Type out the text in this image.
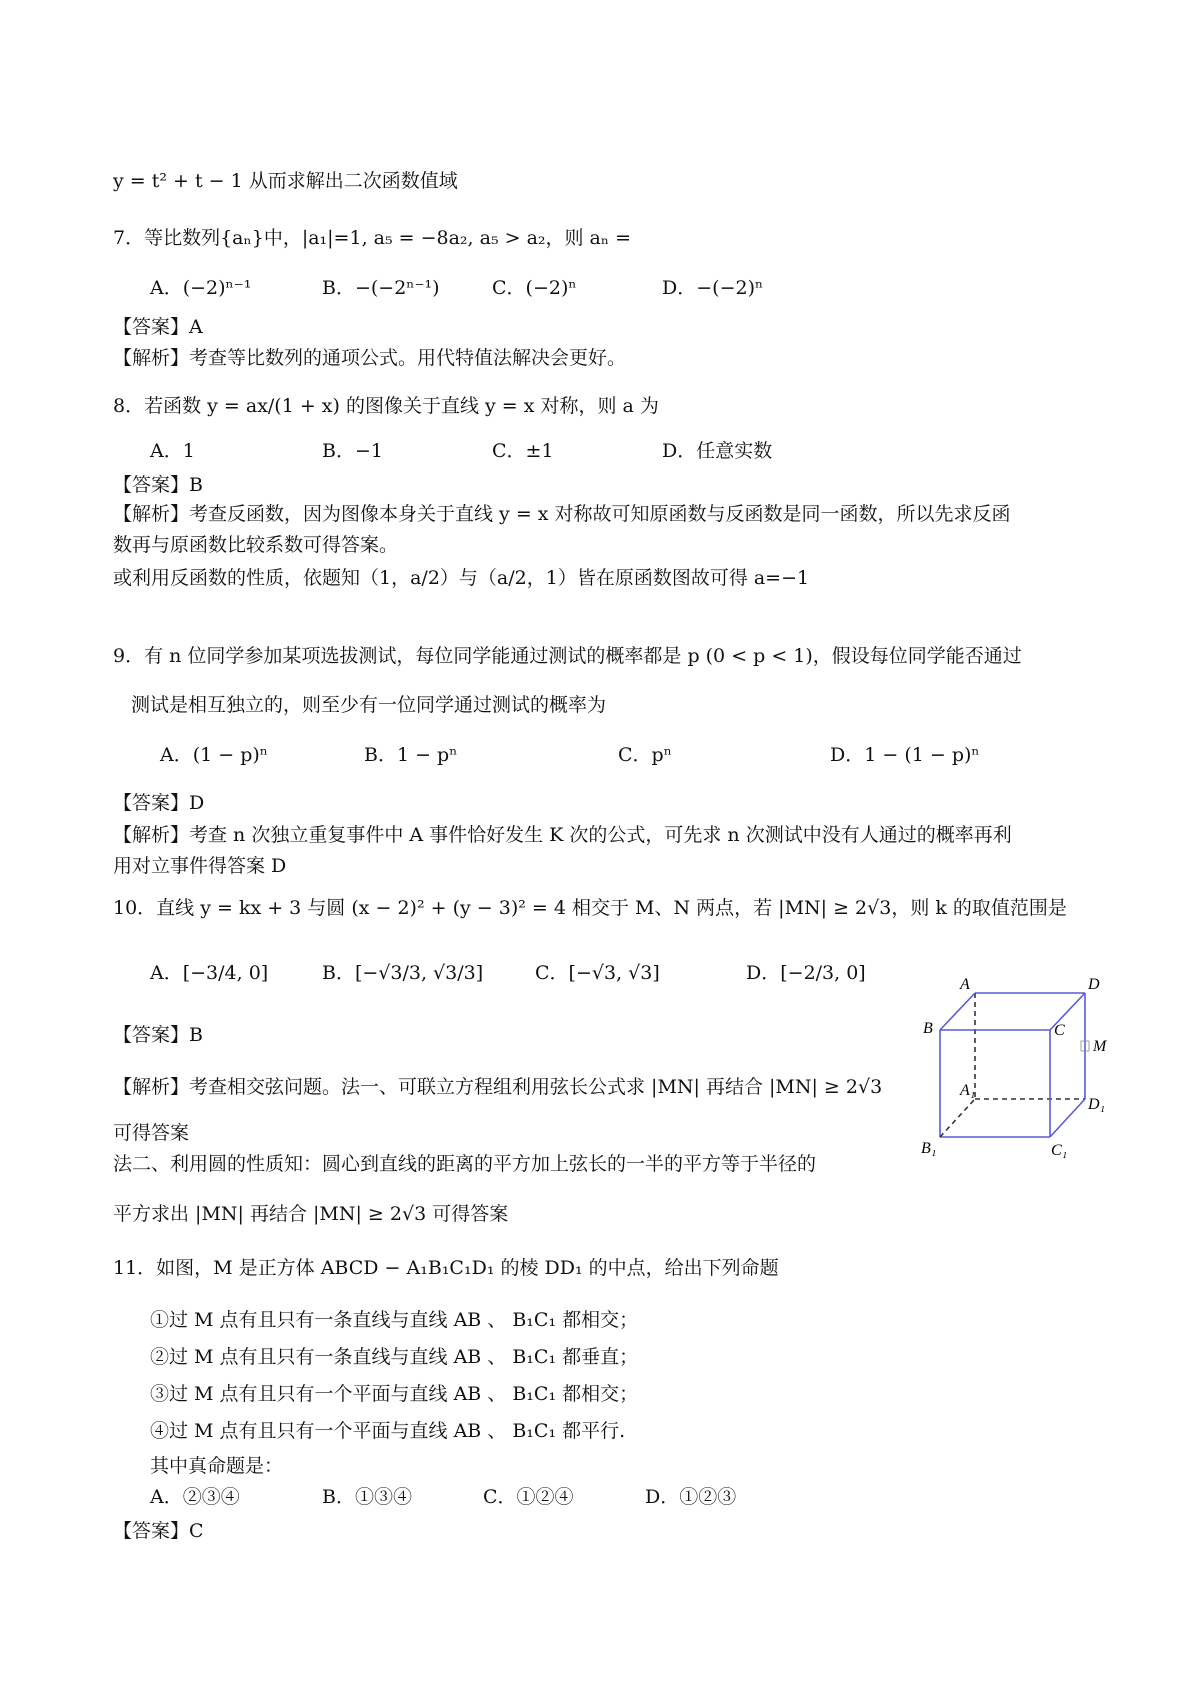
y = t² + t − 1 从而求解出二次函数值域
7．等比数列{aₙ}中，|a₁|=1, a₅ = −8a₂, a₅ > a₂，则 aₙ =
A．(−2)ⁿ⁻¹	B．−(−2ⁿ⁻¹)	C．(−2)ⁿ	D．−(−2)ⁿ
【答案】A
【解析】考查等比数列的通项公式。用代特值法解决会更好。
8．若函数 y = ax/(1 + x) 的图像关于直线 y = x 对称，则 a 为
A．1	B．−1	C．±1	D．任意实数
【答案】B
【解析】考查反函数，因为图像本身关于直线 y = x 对称故可知原函数与反函数是同一函数，所以先求反函
数再与原函数比较系数可得答案。
或利用反函数的性质，依题知（1，a/2）与（a/2，1）皆在原函数图故可得 a=−1
9．有 n 位同学参加某项选拔测试，每位同学能通过测试的概率都是 p (0 < p < 1)，假设每位同学能否通过
测试是相互独立的，则至少有一位同学通过测试的概率为
A．(1 − p)ⁿ	B．1 − pⁿ	C．pⁿ	D．1 − (1 − p)ⁿ
【答案】D
【解析】考查 n 次独立重复事件中 A 事件恰好发生 K 次的公式，可先求 n 次测试中没有人通过的概率再利
用对立事件得答案 D
10．直线 y = kx + 3 与圆 (x − 2)² + (y − 3)² = 4 相交于 M、N 两点，若 |MN| ≥ 2√3，则 k 的取值范围是
A．[−3/4, 0]	B．[−√3/3, √3/3]	C．[−√3, √3]	D．[−2/3, 0]
【答案】B
【解析】考查相交弦问题。法一、可联立方程组利用弦长公式求 |MN| 再结合 |MN| ≥ 2√3
可得答案
法二、利用圆的性质知：圆心到直线的距离的平方加上弦长的一半的平方等于半径的
平方求出 |MN| 再结合 |MN| ≥ 2√3 可得答案
A	D
B	C
M
A₁
D₁
B₁	C₁
11．如图，M 是正方体 ABCD − A₁B₁C₁D₁ 的棱 DD₁ 的中点，给出下列命题
①过 M 点有且只有一条直线与直线 AB 、 B₁C₁ 都相交；
②过 M 点有且只有一条直线与直线 AB 、 B₁C₁ 都垂直；
③过 M 点有且只有一个平面与直线 AB 、 B₁C₁ 都相交；
④过 M 点有且只有一个平面与直线 AB 、 B₁C₁ 都平行.
其中真命题是：
A．②③④	B．①③④	C．①②④	D．①②③
【答案】C
